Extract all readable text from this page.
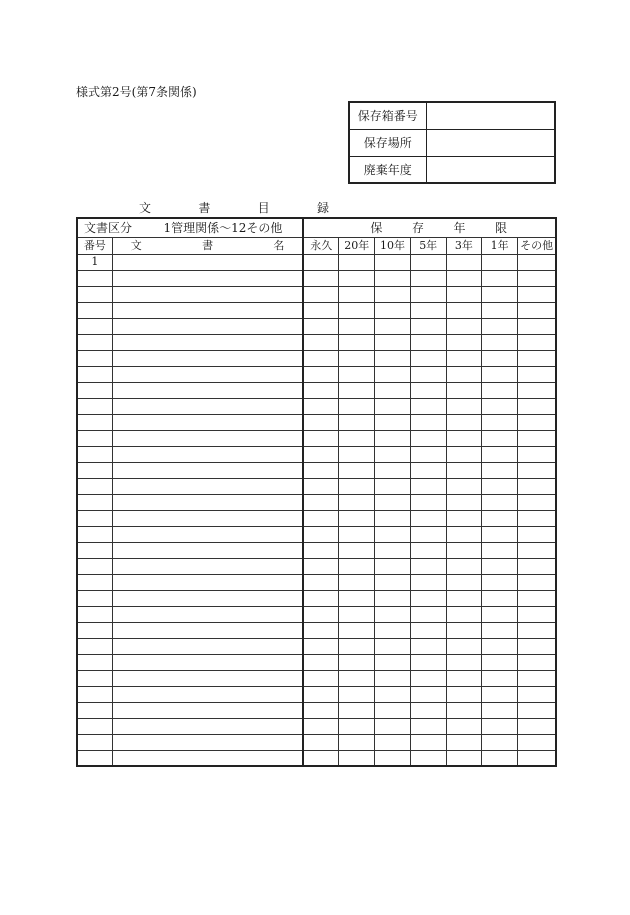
様式第2号(第7条関係)
保存箱番号	
保存場所	
廃棄年度	
文	書	目	録
文書区分 1管理関係～12その他		保 存 年 限						

番号	文 書 名	永久	20年	10年	5年	3年	1年	その他
1								
